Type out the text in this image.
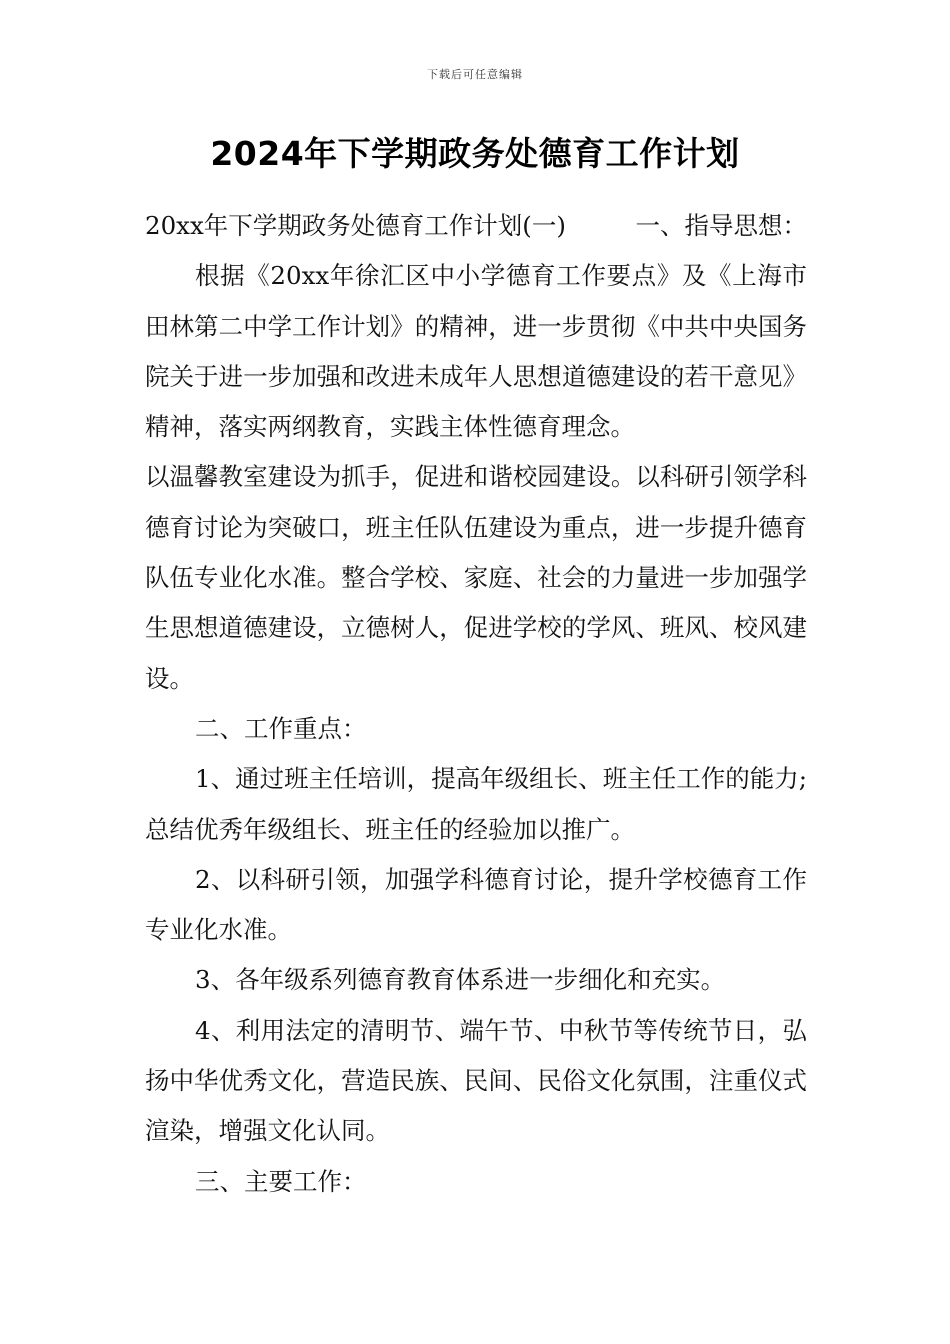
下载后可任意编辑
2024年下学期政务处德育工作计划

20xx年下学期政务处德育工作计划(一)	一、指导思想：

根据《20xx年徐汇区中小学德育工作要点》及《上海市田林第二中学工作计划》的精神，进一步贯彻《中共中央国务院关于进一步加强和改进未成年人思想道德建设的若干意见》精神，落实两纲教育，实践主体性德育理念。

以温馨教室建设为抓手，促进和谐校园建设。以科研引领学科德育讨论为突破口，班主任队伍建设为重点，进一步提升德育队伍专业化水准。整合学校、家庭、社会的力量进一步加强学生思想道德建设，立德树人，促进学校的学风、班风、校风建设。

二、工作重点：

1、通过班主任培训，提高年级组长、班主任工作的能力;总结优秀年级组长、班主任的经验加以推广。

2、以科研引领，加强学科德育讨论，提升学校德育工作专业化水准。

3、各年级系列德育教育体系进一步细化和充实。

4、利用法定的清明节、端午节、中秋节等传统节日，弘扬中华优秀文化，营造民族、民间、民俗文化氛围，注重仪式渲染，增强文化认同。

三、主要工作：
